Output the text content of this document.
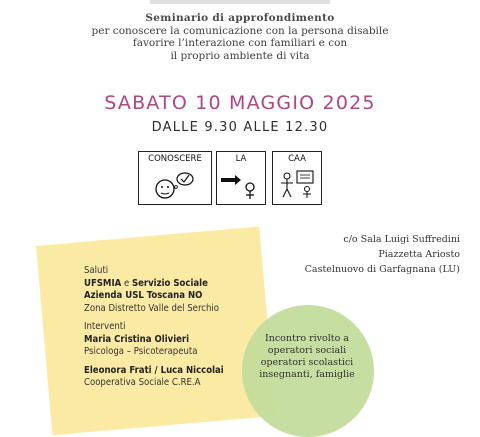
Seminario di approfondimento
per conoscere la comunicazione con la persona disabile
favorire l’interazione con familiari e con
il proprio ambiente di vita
SABATO 10 MAGGIO 2025
DALLE 9.30 ALLE 12.30
CONOSCERE	LA	CAA
c/o Sala Luigi Suffredini
Piazzetta Ariosto
Castelnuovo di Garfagnana (LU)
Saluti
UFSMIA e Servizio Sociale
Azienda USL Toscana NO
Zona Distretto Valle del Serchio
Interventi
Maria Cristina Olivieri
Psicologa – Psicoterapeuta
Eleonora Frati / Luca Niccolai
Cooperativa Sociale C.RE.A
Incontro rivolto a
operatori sociali
operatori scolastici
insegnanti, famiglie
